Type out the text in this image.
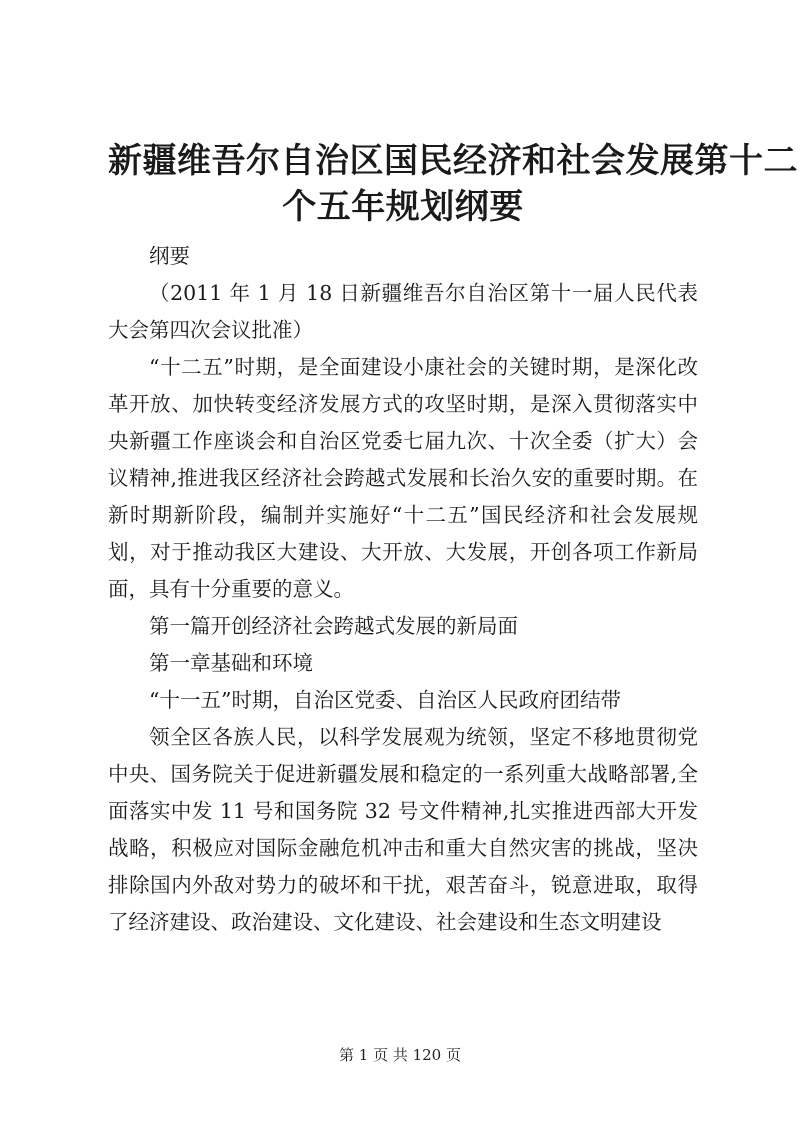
新疆维吾尔自治区国民经济和社会发展第十二
个五年规划纲要

纲要

（2011 年 1 月 18 日新疆维吾尔自治区第十一届人民代表大会第四次会议批准）

“十二五”时期，是全面建设小康社会的关键时期，是深化改革开放、加快转变经济发展方式的攻坚时期，是深入贯彻落实中央新疆工作座谈会和自治区党委七届九次、十次全委（扩大）会议精神,推进我区经济社会跨越式发展和长治久安的重要时期。在新时期新阶段，编制并实施好“十二五”国民经济和社会发展规划，对于推动我区大建设、大开放、大发展，开创各项工作新局面，具有十分重要的意义。

第一篇开创经济社会跨越式发展的新局面

第一章基础和环境

“十一五”时期，自治区党委、自治区人民政府团结带

领全区各族人民，以科学发展观为统领，坚定不移地贯彻党中央、国务院关于促进新疆发展和稳定的一系列重大战略部署,全面落实中发 11 号和国务院 32 号文件精神,扎实推进西部大开发战略，积极应对国际金融危机冲击和重大自然灾害的挑战，坚决排除国内外敌对势力的破坏和干扰，艰苦奋斗，锐意进取，取得了经济建设、政治建设、文化建设、社会建设和生态文明建设

第 1 页 共 120 页
